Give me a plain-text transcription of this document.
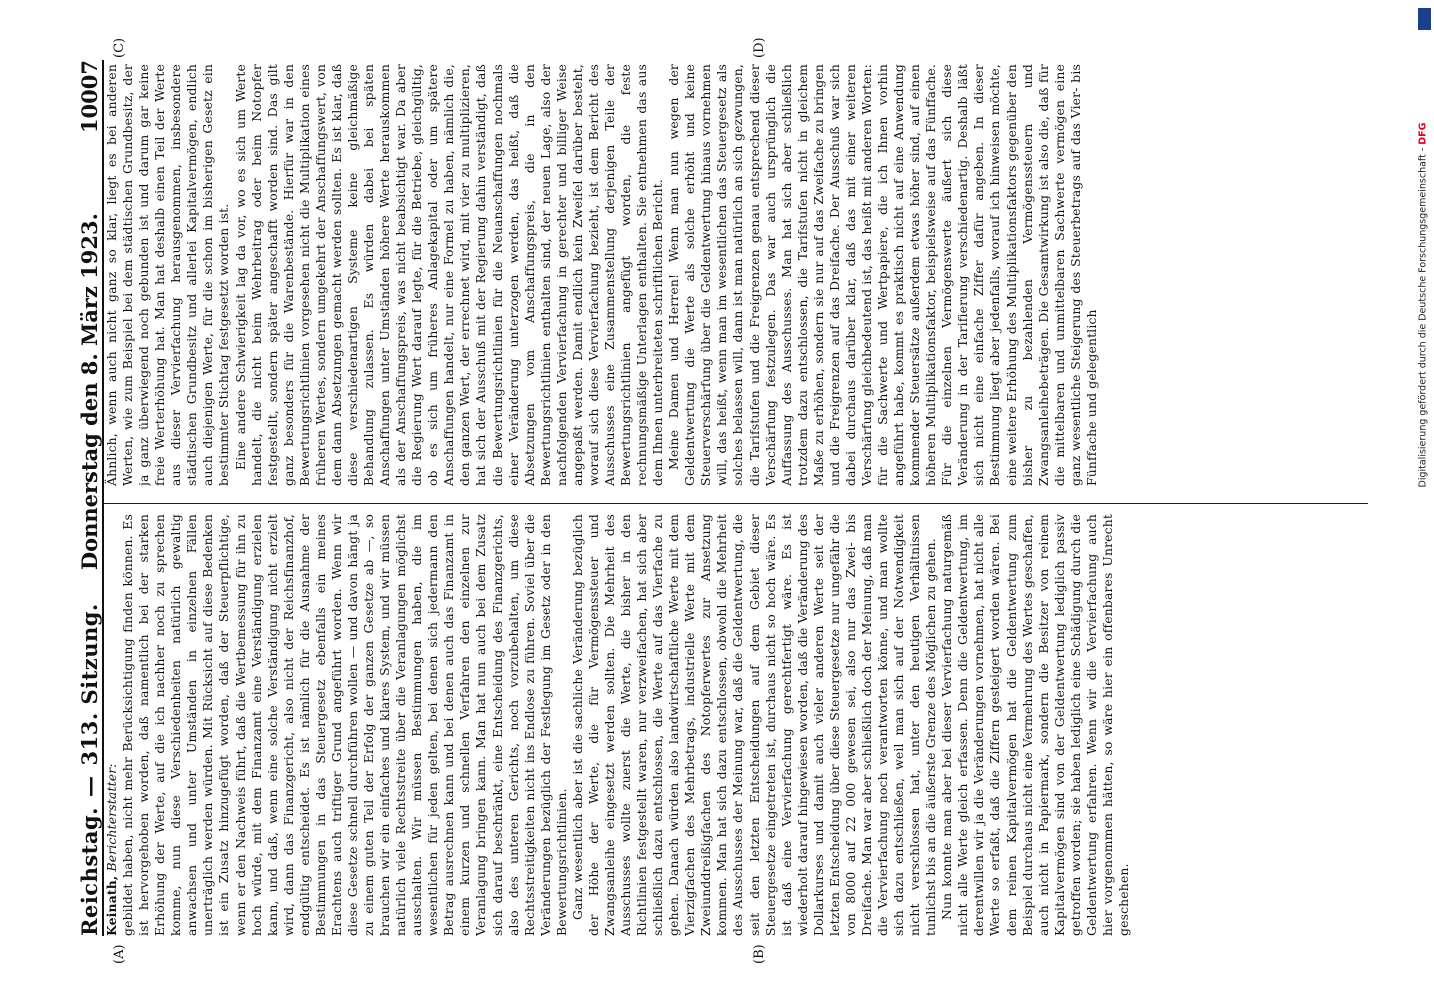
Reichstag.—313. Sitzung.
Donnerstag den 8. März 1923.10007

Keinath, Berichterstatter:
gebildet haben, nicht mehr Berücksichtigung finden können. Es ist hervorgehoben worden, daß namentlich bei der starken Erhöhung der Werte, auf die ich nachher noch zu sprechen komme, nun diese Verschiedenheiten natürlich gewaltig anwachsen und unter Umständen in einzelnen Fällen unerträglich werden würden. Mit Rücksicht auf diese Bedenken ist ein Zusatz hinzugefügt worden, daß der Steuerpflichtige, wenn er den Nachweis führt, daß die Wertbemessung für ihn zu hoch würde, mit dem Finanzamt eine Verständigung erzielen kann, und daß, wenn eine solche Verständigung nicht erzielt wird, dann das Finanzgericht, also nicht der Reichsfinanzhof, endgültig entscheidet. Es ist nämlich für die Ausnahme der Bestimmungen in das Steuergesetz ebenfalls ein meines Erachtens auch triftiger Grund angeführt worden. Wenn wir diese Gesetze schnell durchführen wollen — und davon hängt ja zu einem guten Teil der Erfolg der ganzen Gesetze ab —, so brauchen wir ein einfaches und klares System, und wir müssen natürlich viele Rechtsstreite über die Veranlagungen möglichst ausschalten. Wir müssen Bestimmungen haben, die im wesentlichen für jeden gelten, bei denen sich jedermann den Betrag ausrechnen kann und bei denen auch das Finanzamt in einem kurzen und schnellen Verfahren den einzelnen zur Veranlagung bringen kann. Man hat nun auch bei dem Zusatz sich darauf beschränkt, eine Entscheidung des Finanzgerichts, also des unteren Gerichts, noch vorzubehalten, um diese Rechtsstreitigkeiten nicht ins Endlose zu führen. Soviel über die Veränderungen bezüglich der Festlegung im Gesetz oder in den Bewertungsrichtlinien. Ganz wesentlich aber ist die sachliche Veränderung bezüglich der Höhe der Werte, die für Vermögenssteuer und Zwangsanleihe eingesetzt werden sollten. Die Mehrheit des Ausschusses wollte zuerst die Werte, die bisher in den Richtlinien festgestellt waren, nur verzweifachen, hat sich aber schließlich dazu entschlossen, die Werte auf das Vierfache zu gehen. Danach würden also landwirtschaftliche Werte mit dem Vierzigfachen des Mehrbetrags, industrielle Werte mit dem Zweiunddreißigfachen des Notopferwertes zur Ansetzung kommen. Man hat sich dazu entschlossen, obwohl die Mehrheit des Ausschusses der Meinung war, daß die Geldentwertung, die seit den letzten Entscheidungen auf dem Gebiet dieser Steuergesetze eingetreten ist, durchaus nicht so hoch wäre. Es ist daß eine Vervierfachung gerechtfertigt wäre. Es ist wiederholt darauf hingewiesen worden, daß die Veränderung des Dollarkurses und damit auch vieler anderen Werte seit der letzten Entscheidung über diese Steuergesetze nur ungefähr die von 8000 auf 22 000 gewesen sei, also nur das Zwei- bis Dreifache. Man war aber schließlich doch der Meinung, daß man die Vervierfachung noch verantworten könne, und man wollte sich dazu entschließen, weil man sich auf der Notwendigkeit nicht verschlossen hat, unter den heutigen Verhältnissen tunlichst bis an die äußerste Grenze des Möglichen zu gehen. Nun konnte man aber bei dieser Vervierfachung naturgemäß nicht alle Werte gleich erfassen. Denn die Geldentwertung, im derentwillen wir ja die Veränderungen vornehmen, hat nicht alle Werte so erfaßt, daß die Ziffern gesteigert worden wären. Bei dem reinen Kapitalvermögen hat die Geldentwertung zum Beispiel durchaus nicht eine Vermehrung des Wertes geschaffen, auch nicht in Papiermark, sondern die Besitzer von reinem Kapitalvermögen sind von der Geldentwertung lediglich passiv getroffen worden; sie haben lediglich eine Schädigung durch die Geldentwertung erfahren. Wenn wir die Vervierfachung auch hier vorgenommen hätten, so wäre hier ein offenbares Unrecht geschehen.

Ähnlich, wenn auch nicht ganz so klar, liegt es bei anderen Werten, wie zum Beispiel bei dem städtischen Grundbesitz, der ja ganz überwiegend noch gebunden ist und darum gar keine freie Werterhöhung hat. Man hat deshalb einen Teil der Werte aus dieser Vervierfachung herausgenommen, insbesondere städtischen Grundbesitz und allerlei Kapitalvermögen, endlich auch diejenigen Werte, für die schon im bisherigen Gesetz ein bestimmter Stichtag festgesetzt worden ist. Eine andere Schwierigkeit lag da vor, wo es sich um Werte handelt, die nicht beim Wehrbeitrag oder beim Notopfer festgestellt, sondern später angeschafft worden sind. Das gilt ganz besonders für die Warenbestände. Hierfür war in den Bewertungsrichtlinien vorgesehen nicht die Multiplikation eines früheren Wertes, sondern umgekehrt der Anschaffungswert, von dem dann Absetzungen gemacht werden sollten. Es ist klar, daß diese verschiedenartigen Systeme keine gleichmäßige Behandlung zulassen. Es würden dabei bei späten Anschaffungen unter Umständen höhere Werte herauskommen als der Anschaffungspreis, was nicht beabsichtigt war. Da aber die Regierung Wert darauf legte, für die Betriebe, gleichgültig, ob es sich um früheres Anlagekapital oder um spätere Anschaffungen handelt, nur eine Formel zu haben, nämlich die, den ganzen Wert, der errechnet wird, mit vier zu multiplizieren, hat sich der Ausschuß mit der Regierung dahin verständigt, daß die Bewertungsrichtlinien für die Neuanschaffungen nochmals einer Veränderung unterzogen werden, das heißt, daß die Absetzungen vom Anschaffungspreis, die in den Bewertungsrichtlinien enthalten sind, der neuen Lage, also der nachfolgenden Vervierfachung in gerechter und billiger Weise angepaßt werden. Damit endlich kein Zweifel darüber besteht, worauf sich diese Vervierfachung bezieht, ist dem Bericht des Ausschusses eine Zusammenstellung derjenigen Teile der Bewertungsrichtlinien angefügt worden, die feste rechnungsmäßige Unterlagen enthalten. Sie entnehmen das aus dem Ihnen unterbreiteten schriftlichen Bericht. Meine Damen und Herren! Wenn man nun wegen der Geldentwertung die Werte als solche erhöht und keine Steuerverschärfung über die Geldentwertung hinaus vornehmen will, das heißt, wenn man im wesentlichen das Steuergesetz als solches belassen will, dann ist man natürlich an sich gezwungen, die Tarifstufen und die Freigrenzen genau entsprechend dieser Verschärfung festzulegen. Das war auch ursprünglich die Auffassung des Ausschusses. Man hat sich aber schließlich trotzdem dazu entschlossen, die Tarifstufen nicht in gleichem Maße zu erhöhen, sondern sie nur auf das Zweifache zu bringen und die Freigrenzen auf das Dreifache. Der Ausschuß war sich dabei durchaus darüber klar, daß das mit einer weiteren Verschärfung gleichbedeutend ist, das heißt mit anderen Worten: für die Sachwerte und Wertpapiere, die ich Ihnen vorhin angeführt habe, kommt es praktisch nicht auf eine Anwendung kommender Steuersätze außerdem etwas höher sind, auf einen höheren Multiplikationsfaktor, beispielsweise auf das Fünffache. Für die einzelnen Vermögenswerte äußert sich diese Veränderung in der Tarifierung verschiedenartig. Deshalb läßt sich nicht eine einfache Ziffer dafür angeben. In dieser Bestimmung liegt aber jedenfalls, worauf ich hinweisen möchte, eine weitere Erhöhung des Multiplikationsfaktors gegenüber den bisher zu bezahlenden Vermögenssteuern und Zwangsanleihebeträgen. Die Gesamtwirkung ist also die, daß für die mittelbaren und unmittelbaren Sachwerte vermögen eine ganz wesentliche Steigerung des Steuerbetrags auf das Vier- bis Fünffache und gelegentlich

(A)	(B)
(C)	(D)
Digitalisierung gefördert durch die Deutsche Forschungsgemeinschaft - DFG
